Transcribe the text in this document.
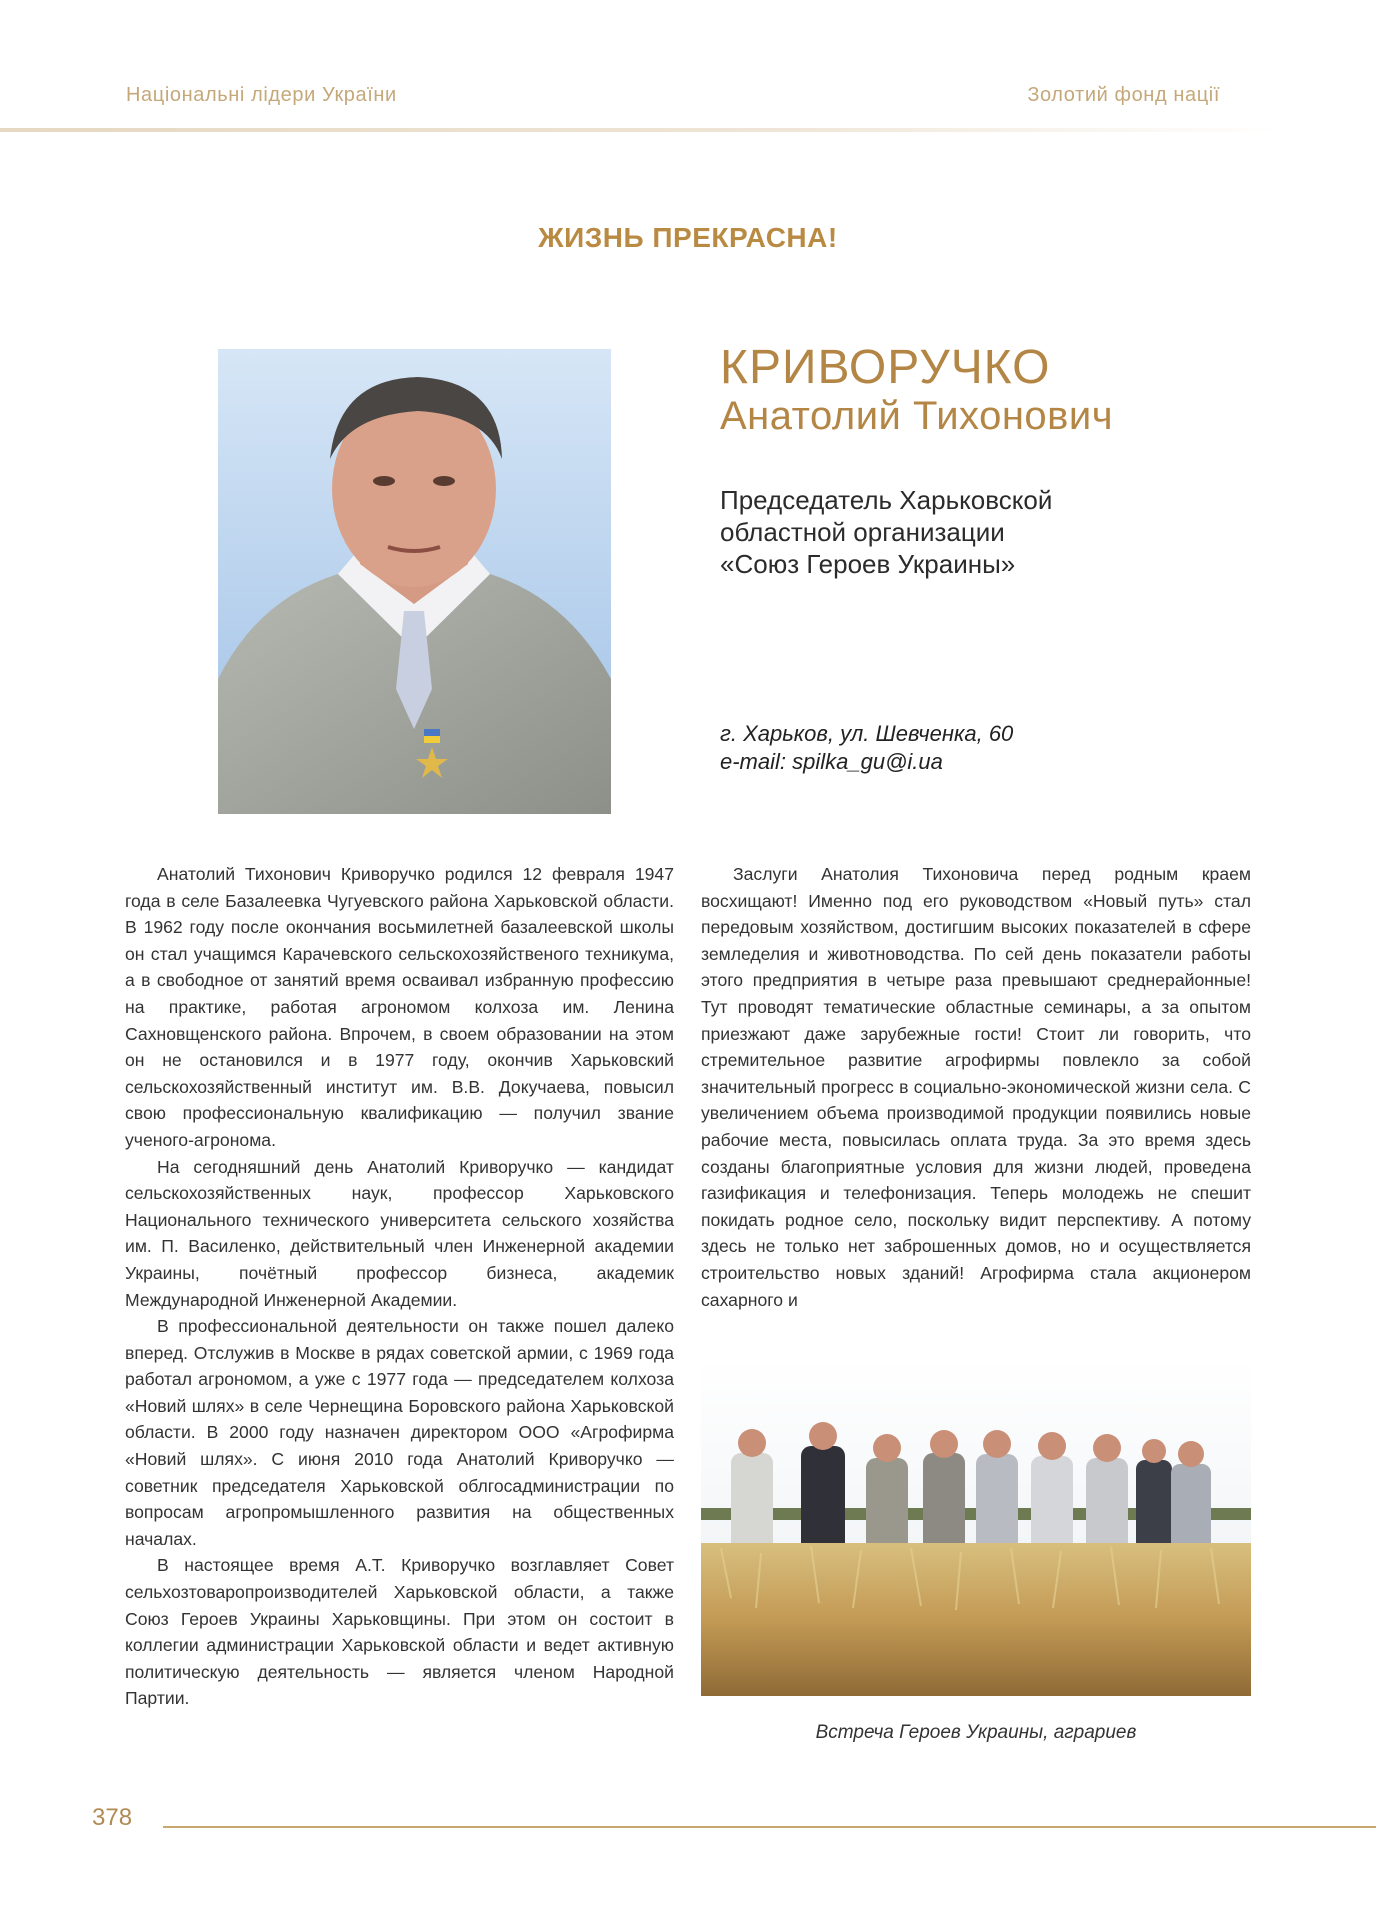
Національні лідери України	Золотий фонд нації
ЖИЗНЬ ПРЕКРАСНА!
КРИВОРУЧКО
Анатолий Тихонович
Председатель Харьковской
областной организации
«Союз Героев Украины»
г. Харьков, ул. Шевченка, 60
e-mail: spilka_gu@i.ua

Анатолий Тихонович Криворучко родился 12 февраля 1947 года в селе Базалеевка Чугуевского района Харьковской области. В 1962 году после окончания восьмилетней базалеевской школы он стал учащимся Карачевского сельскохозяйственого техникума, а в свободное от занятий время осваивал избранную профессию на практике, работая агрономом колхоза им. Ленина Сахновщенского района. Впрочем, в своем образовании на этом он не остановился и в 1977 году, окончив Харьковский сельскохозяйственный институт им. В.В. Докучаева, повысил свою профессиональную квалификацию — получил звание ученого-агронома.

На сегодняшний день Анатолий Криворучко — кандидат сельскохозяйственных наук, профессор Харьковского Национального технического университета сельского хозяйства им. П. Василенко, действительный член Инженерной академии Украины, почётный профессор бизнеса, академик Международной Инженерной Академии.

В профессиональной деятельности он также пошел далеко вперед. Отслужив в Москве в рядах советской армии, с 1969 года работал агрономом, а уже с 1977 года — председателем колхоза «Новий шлях» в селе Чернещина Боровского района Харьковской области. В 2000 году назначен директором ООО «Агрофирма «Новий шлях». С июня 2010 года Анатолий Криворучко — советник председателя Харьковской облгосадминистрации по вопросам агропромышленного развития на общественных началах.

В настоящее время А.Т. Криворучко возглавляет Совет сельхозтоваропроизводителей Харьковской области, а также Союз Героев Украины Харьковщины. При этом он состоит в коллегии администрации Харьковской области и ведет активную политическую деятельность — является членом Народной Партии.

Заслуги Анатолия Тихоновича перед родным краем восхищают! Именно под его руководством «Новый путь» стал передовым хозяйством, достигшим высоких показателей в сфере земледелия и животноводства. По сей день показатели работы этого предприятия в четыре раза превышают среднерайонные! Тут проводят тематические областные семинары, а за опытом приезжают даже зарубежные гости! Стоит ли говорить, что стремительное развитие агрофирмы повлекло за собой значительный прогресс в социально-экономической жизни села. С увеличением объема производимой продукции появились новые рабочие места, повысилась оплата труда. За это время здесь созданы благоприятные условия для жизни людей, проведена газификация и телефонизация. Теперь молодежь не спешит покидать родное село, поскольку видит перспективу. А потому здесь не только нет заброшенных домов, но и осуществляется строительство новых зданий! Агрофирма стала акционером сахарного и

Встреча Героев Украины, аграриев
378
